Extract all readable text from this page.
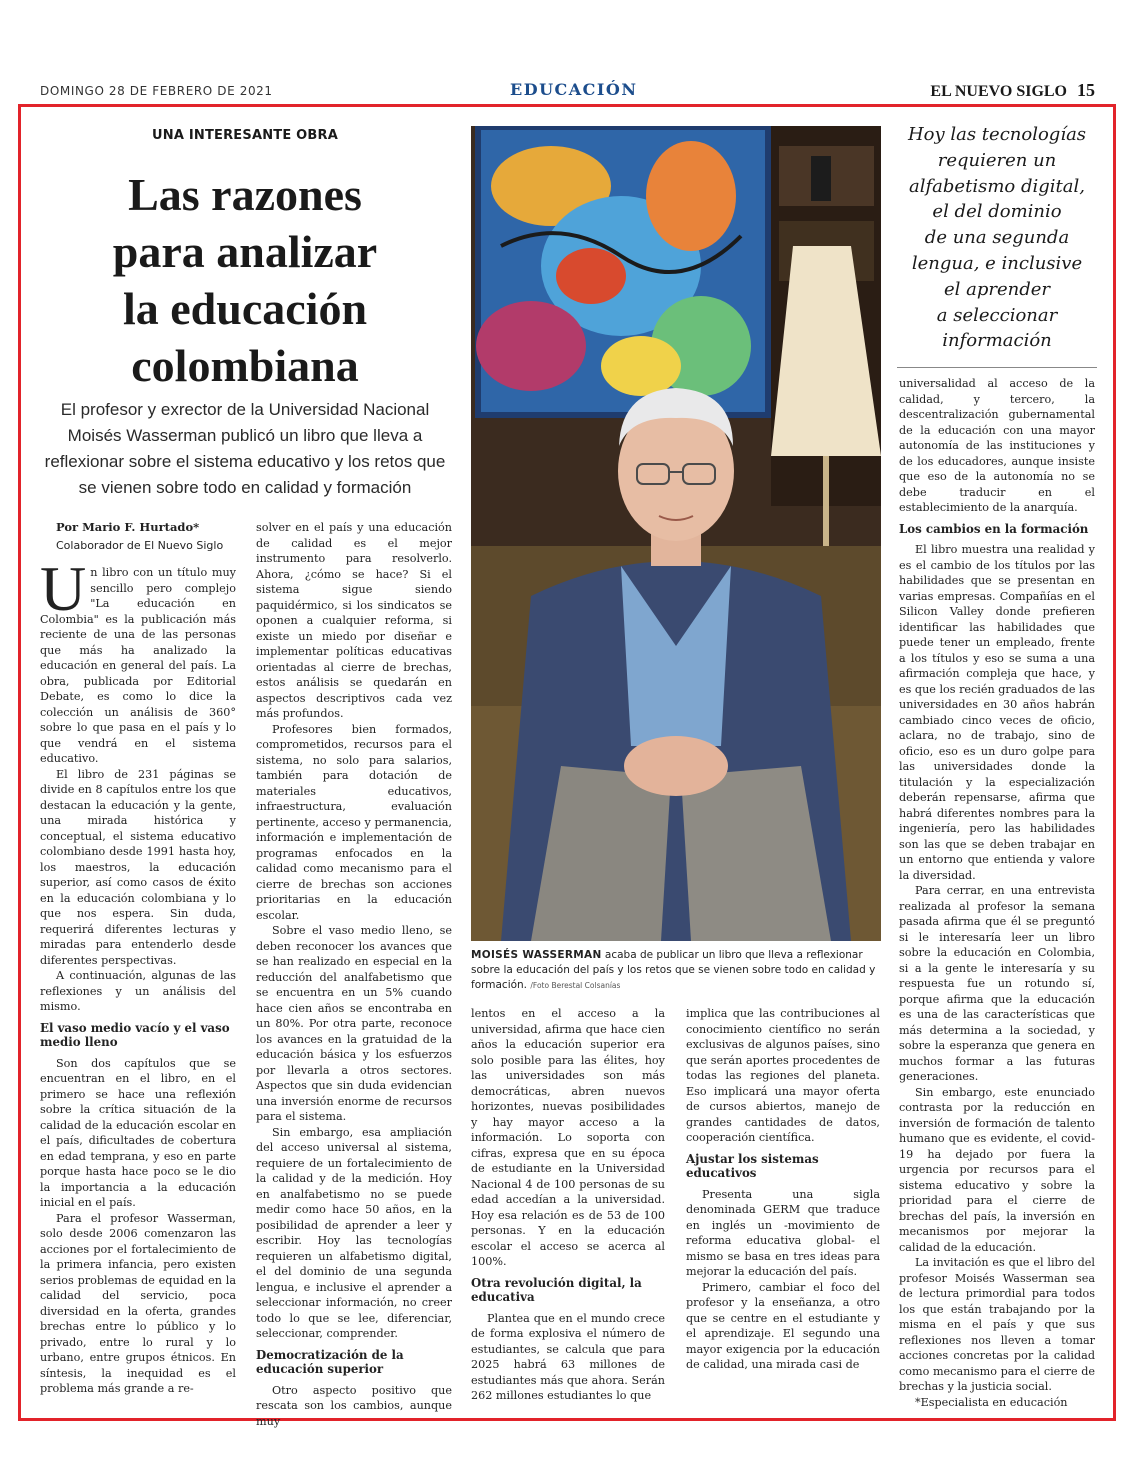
DOMINGO 28 DE FEBRERO DE 2021	EDUCACIÓN	EL NUEVO SIGLO 15
UNA INTERESANTE OBRA
Las razones
para analizar
la educación
colombiana
El profesor y exrector de la Universidad Nacional Moisés Wasserman publicó un libro que lleva a reflexionar sobre el sistema educativo y los retos que se vienen sobre todo en calidad y formación

Por Mario F. Hurtado*

Colaborador de El Nuevo Siglo

Un libro con un título muy sencillo pero complejo "La educación en Colombia" es la publicación más reciente de una de las personas que más ha analizado la educación en general del país. La obra, publicada por Editorial Debate, es como lo dice la colección un análisis de 360° sobre lo que pasa en el país y lo que vendrá en el sistema educativo.

El libro de 231 páginas se divide en 8 capítulos entre los que destacan la educación y la gente, una mirada histórica y conceptual, el sistema educativo colombiano desde 1991 hasta hoy, los maestros, la educación superior, así como casos de éxito en la educación colombiana y lo que nos espera. Sin duda, requerirá diferentes lecturas y miradas para entenderlo desde diferentes perspectivas.

A continuación, algunas de las reflexiones y un análisis del mismo.

El vaso medio vacío y el vaso medio lleno

Son dos capítulos que se encuentran en el libro, en el primero se hace una reflexión sobre la crítica situación de la calidad de la educación escolar en el país, dificultades de cobertura en edad temprana, y eso en parte porque hasta hace poco se le dio la importancia a la educación inicial en el país.

Para el profesor Wasserman, solo desde 2006 comenzaron las acciones por el fortalecimiento de la primera infancia, pero existen serios problemas de equidad en la calidad del servicio, poca diversidad en la oferta, grandes brechas entre lo público y lo privado, entre lo rural y lo urbano, entre grupos étnicos. En síntesis, la inequidad es el problema más grande a re-

solver en el país y una educación de calidad es el mejor instrumento para resolverlo. Ahora, ¿cómo se hace? Si el sistema sigue siendo paquidérmico, si los sindicatos se oponen a cualquier reforma, si existe un miedo por diseñar e implementar políticas educativas orientadas al cierre de brechas, estos análisis se quedarán en aspectos descriptivos cada vez más profundos.

Profesores bien formados, comprometidos, recursos para el sistema, no solo para salarios, también para dotación de materiales educativos, infraestructura, evaluación pertinente, acceso y permanencia, información e implementación de programas enfocados en la calidad como mecanismo para el cierre de brechas son acciones prioritarias en la educación escolar.

Sobre el vaso medio lleno, se deben reconocer los avances que se han realizado en especial en la reducción del analfabetismo que se encuentra en un 5% cuando hace cien años se encontraba en un 80%. Por otra parte, reconoce los avances en la gratuidad de la educación básica y los esfuerzos por llevarla a otros sectores. Aspectos que sin duda evidencian una inversión enorme de recursos para el sistema.

Sin embargo, esa ampliación del acceso universal al sistema, requiere de un fortalecimiento de la calidad y de la medición. Hoy en analfabetismo no se puede medir como hace 50 años, en la posibilidad de aprender a leer y escribir. Hoy las tecnologías requieren un alfabetismo digital, el del dominio de una segunda lengua, e inclusive el aprender a seleccionar información, no creer todo lo que se lee, diferenciar, seleccionar, comprender.

Democratización de la educación superior

Otro aspecto positivo que rescata son los cambios, aunque muy

MOISÉS WASSERMAN acaba de publicar un libro que lleva a reflexionar sobre la educación del país y los retos que se vienen sobre todo en calidad y formación. /Foto Berestal Colsanías

lentos en el acceso a la universidad, afirma que hace cien años la educación superior era solo posible para las élites, hoy las universidades son más democráticas, abren nuevos horizontes, nuevas posibilidades y hay mayor acceso a la información. Lo soporta con cifras, expresa que en su época de estudiante en la Universidad Nacional 4 de 100 personas de su edad accedían a la universidad. Hoy esa relación es de 53 de 100 personas. Y en la educación escolar el acceso se acerca al 100%.

Otra revolución digital, la educativa

Plantea que en el mundo crece de forma explosiva el número de estudiantes, se calcula que para 2025 habrá 63 millones de estudiantes más que ahora. Serán 262 millones estudiantes lo que

implica que las contribuciones al conocimiento científico no serán exclusivas de algunos países, sino que serán aportes procedentes de todas las regiones del planeta. Eso implicará una mayor oferta de cursos abiertos, manejo de grandes cantidades de datos, cooperación científica.

Ajustar los sistemas educativos

Presenta una sigla denominada GERM que traduce en inglés un -movimiento de reforma educativa global- el mismo se basa en tres ideas para mejorar la educación del país.

Primero, cambiar el foco del profesor y la enseñanza, a otro que se centre en el estudiante y el aprendizaje. El segundo una mayor exigencia por la educación de calidad, una mirada casi de

Hoy las tecnologías
requieren un
alfabetismo digital,
el del dominio
de una segunda
lengua, e inclusive
el aprender
a seleccionar
información

universalidad al acceso de la calidad, y tercero, la descentralización gubernamental de la educación con una mayor autonomía de las instituciones y de los educadores, aunque insiste que eso de la autonomía no se debe traducir en el establecimiento de la anarquía.

Los cambios en la formación

El libro muestra una realidad y es el cambio de los títulos por las habilidades que se presentan en varias empresas. Compañías en el Silicon Valley donde prefieren identificar las habilidades que puede tener un empleado, frente a los títulos y eso se suma a una afirmación compleja que hace, y es que los recién graduados de las universidades en 30 años habrán cambiado cinco veces de oficio, aclara, no de trabajo, sino de oficio, eso es un duro golpe para las universidades donde la titulación y la especialización deberán repensarse, afirma que habrá diferentes nombres para la ingeniería, pero las habilidades son las que se deben trabajar en un entorno que entienda y valore la diversidad.

Para cerrar, en una entrevista realizada al profesor la semana pasada afirma que él se preguntó si le interesaría leer un libro sobre la educación en Colombia, si a la gente le interesaría y su respuesta fue un rotundo sí, porque afirma que la educación es una de las características que más determina a la sociedad, y sobre la esperanza que genera en muchos formar a las futuras generaciones.

Sin embargo, este enunciado contrasta por la reducción en inversión de formación de talento humano que es evidente, el covid-19 ha dejado por fuera la urgencia por recursos para el sistema educativo y sobre la prioridad para el cierre de brechas del país, la inversión en mecanismos por mejorar la calidad de la educación.

La invitación es que el libro del profesor Moisés Wasserman sea de lectura primordial para todos los que están trabajando por la misma en el país y que sus reflexiones nos lleven a tomar acciones concretas por la calidad como mecanismo para el cierre de brechas y la justicia social.

*Especialista en educación
